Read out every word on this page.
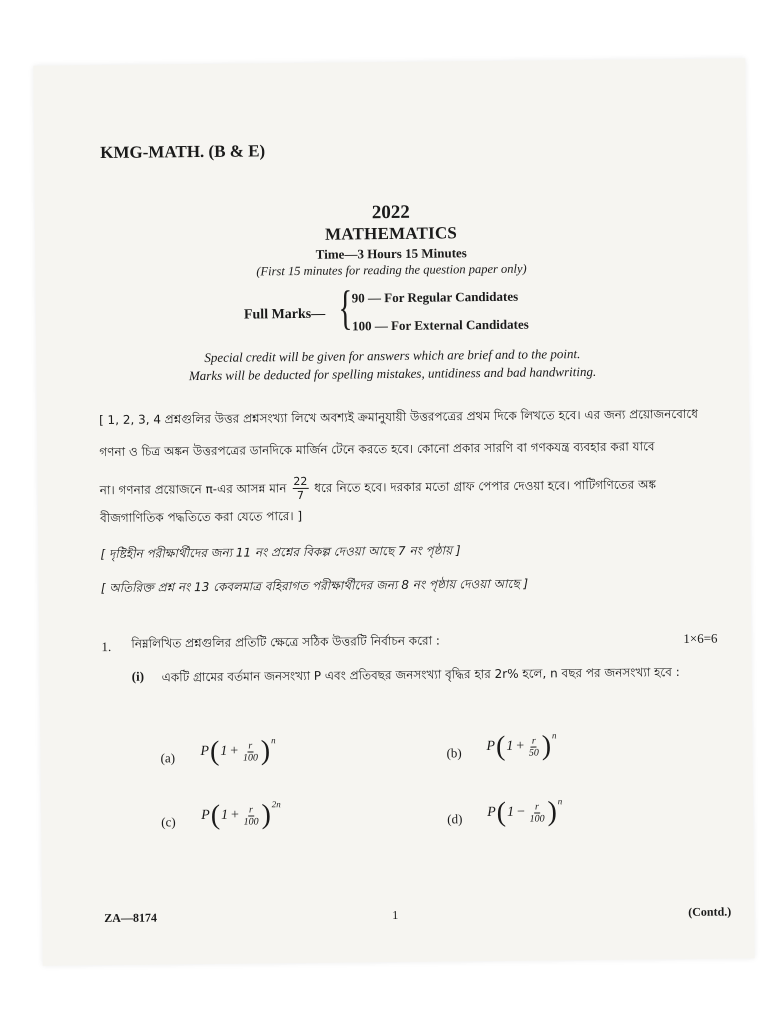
KMG-MATH. (B & E)
2022
MATHEMATICS
Time—3 Hours 15 Minutes
(First 15 minutes for reading the question paper only)
Full Marks— { 90 — For Regular Candidates
100 — For External Candidates
Special credit will be given for answers which are brief and to the point.
Marks will be deducted for spelling mistakes, untidiness and bad handwriting.
[ 1, 2, 3, 4 প্রশ্নগুলির উত্তর প্রশ্নসংখ্যা লিখে অবশ্যই ক্রমানুযায়ী উত্তরপত্রের প্রথম দিকে লিখতে হবে। এর জন্য প্রয়োজনবোধে
গণনা ও চিত্র অঙ্কন উত্তরপত্রের ডানদিকে মার্জিন টেনে করতে হবে। কোনো প্রকার সারণি বা গণকযন্ত্র ব্যবহার করা যাবে
না। গণনার প্রয়োজনে π-এর আসন্ন মান $\frac{22}{7}$ ধরে নিতে হবে। দরকার মতো গ্রাফ পেপার দেওয়া হবে। পাটিগণিতের অঙ্ক
বীজগাণিতিক পদ্ধতিতে করা যেতে পারে। ]
[ দৃষ্টিহীন পরীক্ষার্থীদের জন্য 11 নং প্রশ্নের বিকল্প দেওয়া আছে 7 নং পৃষ্ঠায় ]
[ অতিরিক্ত প্রশ্ন নং 13 কেবলমাত্র বহিরাগত পরীক্ষার্থীদের জন্য 8 নং পৃষ্ঠায় দেওয়া আছে ]
1. নিম্নলিখিত প্রশ্নগুলির প্রতিটি ক্ষেত্রে সঠিক উত্তরটি নির্বাচন করো :	1×6=6
(i) একটি গ্রামের বর্তমান জনসংখ্যা P এবং প্রতিবছর জনসংখ্যা বৃদ্ধির হার 2r% হলে, n বছর পর জনসংখ্যা হবে :
(a) P ( $1 + \frac{r}{100} )^n$
(b) P ( $1 + \frac{r}{50} )^n$
(c) P ( $1 + \frac{r}{100} )^{2n}$
(d) P ( $1 - \frac{r}{100} )^n$
ZA—8174	1	(Contd.)
